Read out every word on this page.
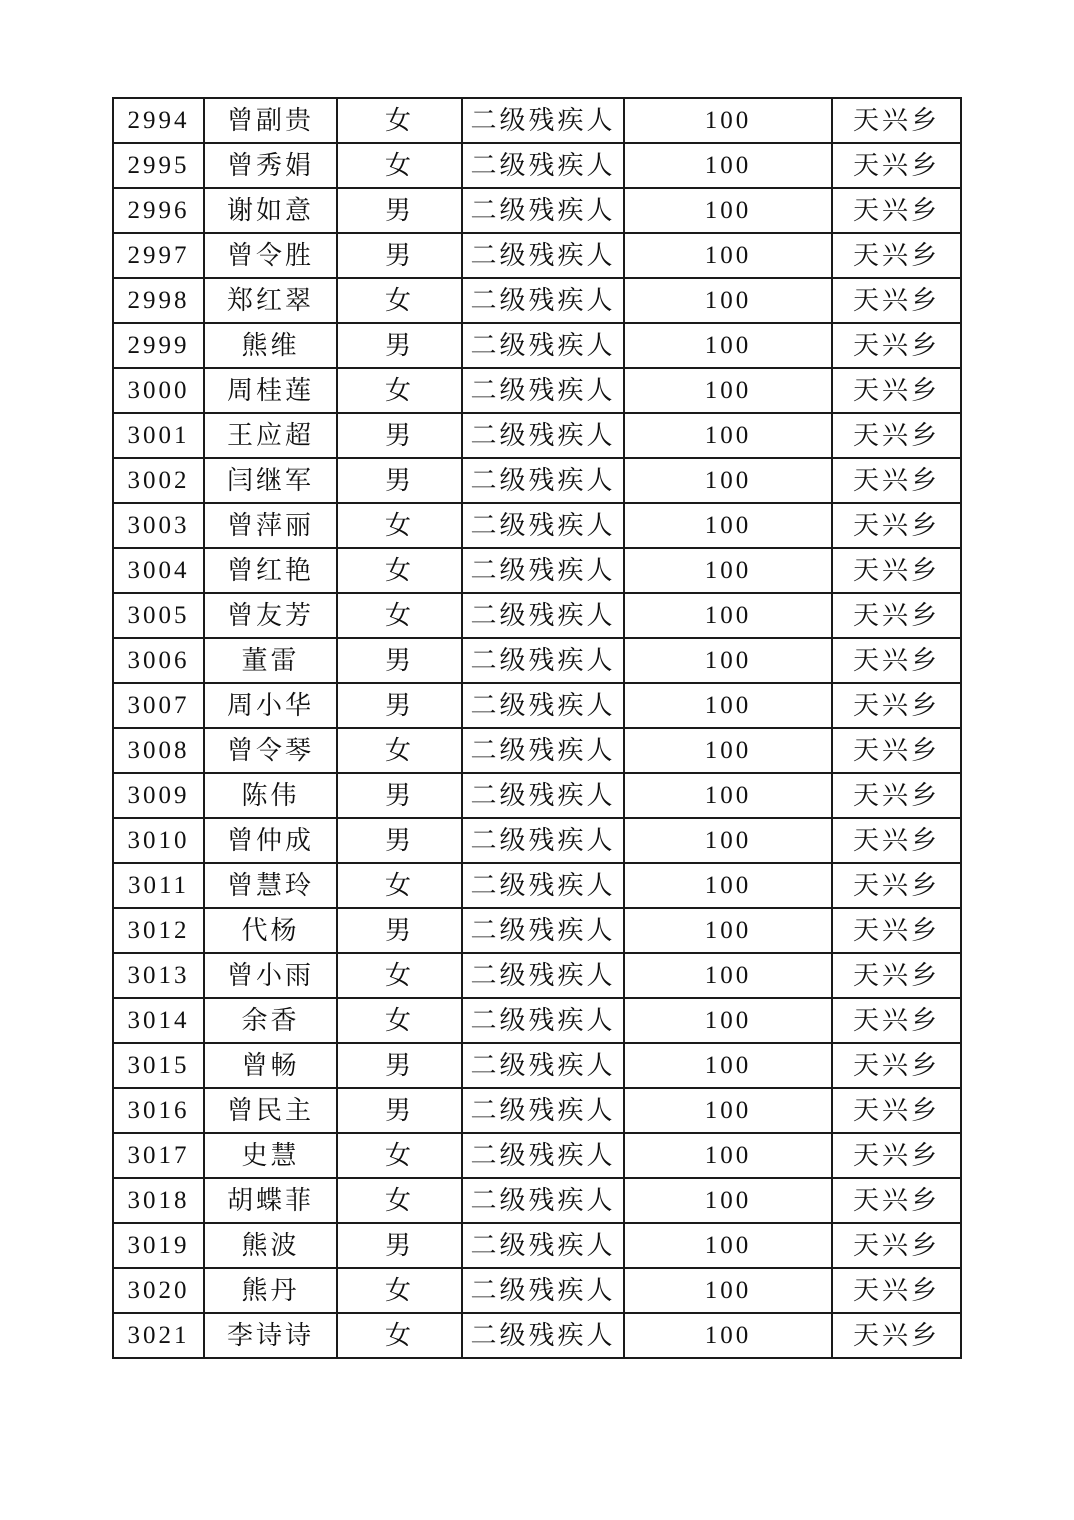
2994	曾副贵	女	二级残疾人	100	天兴乡
2995	曾秀娟	女	二级残疾人	100	天兴乡
2996	谢如意	男	二级残疾人	100	天兴乡
2997	曾令胜	男	二级残疾人	100	天兴乡
2998	郑红翠	女	二级残疾人	100	天兴乡
2999	熊维	男	二级残疾人	100	天兴乡
3000	周桂莲	女	二级残疾人	100	天兴乡
3001	王应超	男	二级残疾人	100	天兴乡
3002	闫继军	男	二级残疾人	100	天兴乡
3003	曾萍丽	女	二级残疾人	100	天兴乡
3004	曾红艳	女	二级残疾人	100	天兴乡
3005	曾友芳	女	二级残疾人	100	天兴乡
3006	董雷	男	二级残疾人	100	天兴乡
3007	周小华	男	二级残疾人	100	天兴乡
3008	曾令琴	女	二级残疾人	100	天兴乡
3009	陈伟	男	二级残疾人	100	天兴乡
3010	曾仲成	男	二级残疾人	100	天兴乡
3011	曾慧玲	女	二级残疾人	100	天兴乡
3012	代杨	男	二级残疾人	100	天兴乡
3013	曾小雨	女	二级残疾人	100	天兴乡
3014	余香	女	二级残疾人	100	天兴乡
3015	曾畅	男	二级残疾人	100	天兴乡
3016	曾民主	男	二级残疾人	100	天兴乡
3017	史慧	女	二级残疾人	100	天兴乡
3018	胡蝶菲	女	二级残疾人	100	天兴乡
3019	熊波	男	二级残疾人	100	天兴乡
3020	熊丹	女	二级残疾人	100	天兴乡
3021	李诗诗	女	二级残疾人	100	天兴乡
